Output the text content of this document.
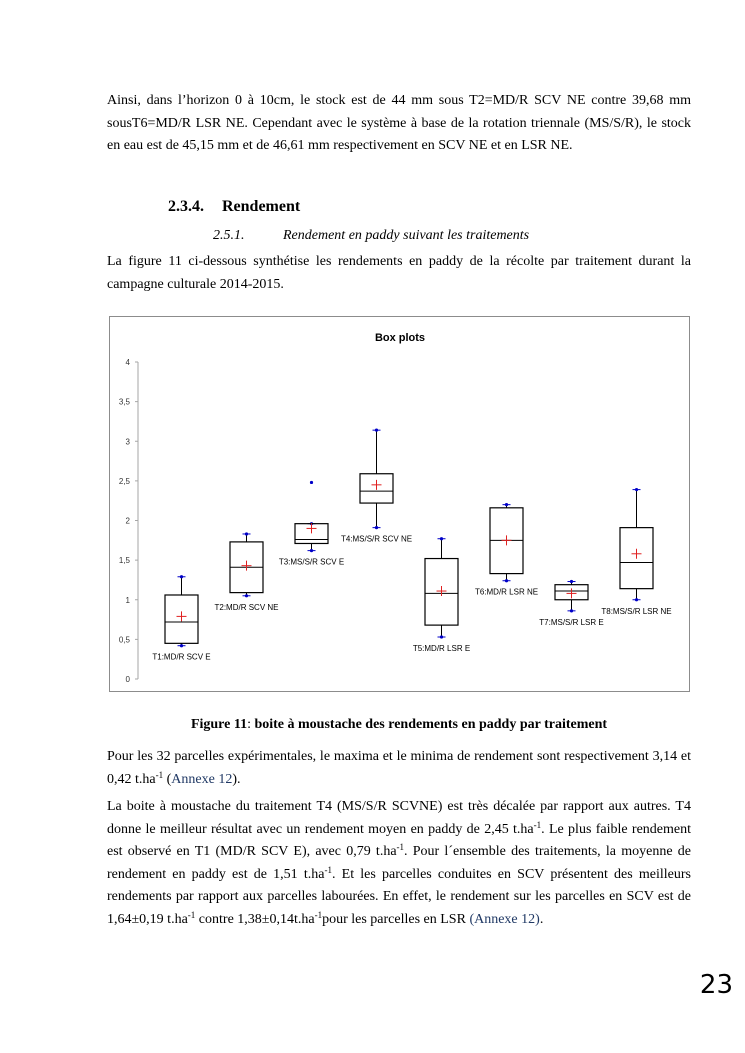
Ainsi, dans l’horizon 0 à 10cm, le stock est de 44 mm sous T2=MD/R SCV NE contre 39,68 mm sousT6=MD/R LSR NE. Cependant avec le système à base de la rotation triennale (MS/S/R), le stock en eau est de 45,15 mm et de 46,61 mm respectivement en SCV NE et en LSR NE.
2.3.4. Rendement
2.5.1.	Rendement en paddy suivant les traitements
La figure 11 ci-dessous synthétise les rendements en paddy de la récolte par traitement durant la campagne culturale 2014-2015.
Box plots
0
0,5
1
1,5
2
2,5
3
3,5
4
T1:MD/R SCV E
T2:MD/R SCV NE
T3:MS/S/R SCV E
T4:MS/S/R SCV NE
T5:MD/R LSR E
T6:MD/R LSR NE
T7:MS/S/R LSR E
T8:MS/S/R LSR NE
Figure 11: boite à moustache des rendements en paddy par traitement
Pour les 32 parcelles expérimentales, le maxima et le minima de rendement sont respectivement 3,14 et 0,42 $t.ha^{-1}$ (Annexe 12).
La boite à moustache du traitement T4 (MS/S/R SCVNE) est très décalée par rapport aux autres. T4 donne le meilleur résultat avec un rendement moyen en paddy de 2,45 $t.ha^{-1}$. Le plus faible rendement est observé en T1 (MD/R SCV E), avec 0,79 $t.ha^{-1}$. Pour l´ensemble des traitements, la moyenne de rendement en paddy est de 1,51 $t.ha^{-1}$. Et les parcelles conduites en SCV présentent des meilleurs rendements par rapport aux parcelles labourées. En effet, le rendement sur les parcelles en SCV est de 1,64±0,19 $t.ha^{-1}$ contre $1,38\pm 0,14t.ha^{-1}pour$ les parcelles en LSR (Annexe 12).
23
